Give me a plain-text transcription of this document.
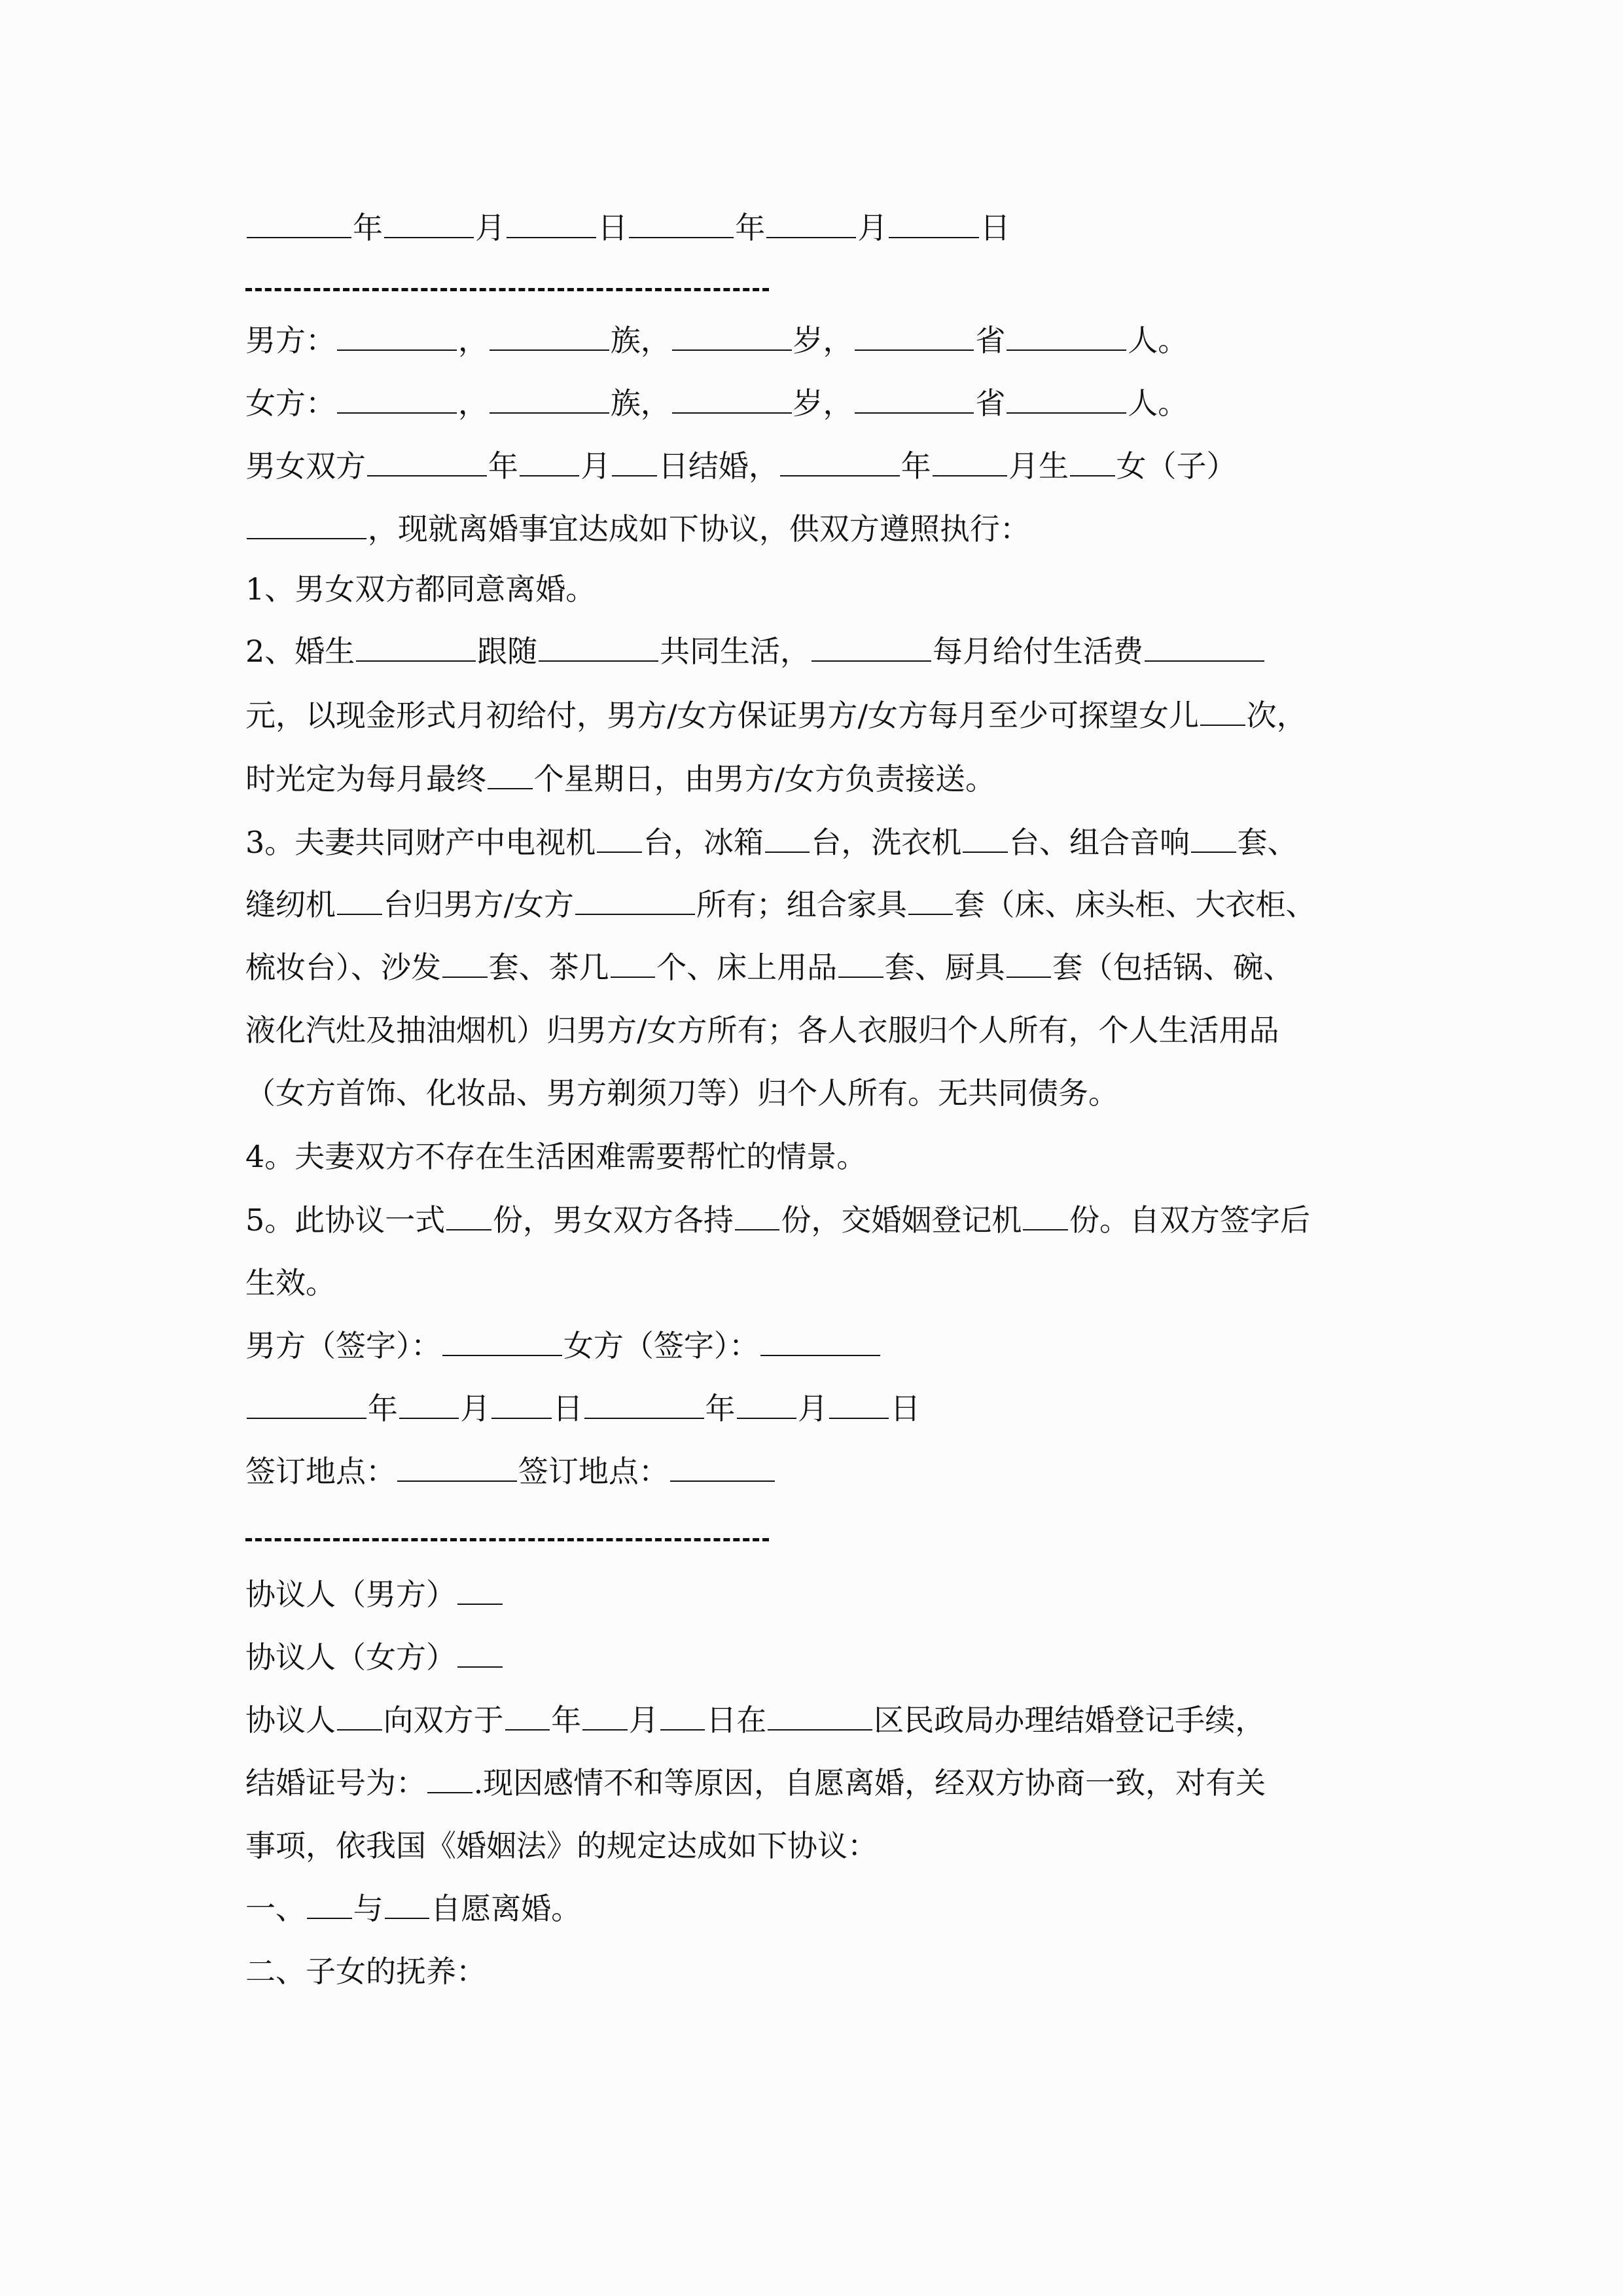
年	月	日	年	月	日
男方：	，	族，	岁，	省	人。
女方：	，	族，	岁，	省	人。
男女双方	年 月 日结婚，	年	月生 女（子）
，现就离婚事宜达成如下协议，供双方遵照执行：
1、男女双方都同意离婚。
2、婚生	跟随	共同生活，	每月给付生活费
元，以现金形式月初给付，男方/女方保证男方/女方每月至少可探望女儿 次，
时光定为每月最终 个星期日，由男方/女方负责接送。
3。夫妻共同财产中电视机 台，冰箱 台，洗衣机 台、组合音响 套、
缝纫机 台归男方/女方	所有；组合家具 套（床、床头柜、大衣柜、
梳妆台）、沙发 套、茶几 个、床上用品 套、厨具 套（包括锅、碗、
液化汽灶及抽油烟机）归男方/女方所有；各人衣服归个人所有，个人生活用品
（女方首饰、化妆品、男方剃须刀等）归个人所有。无共同债务。
4。夫妻双方不存在生活困难需要帮忙的情景。
5。此协议一式 份，男女双方各持 份，交婚姻登记机 份。自双方签字后
生效。
男方（签字）：	女方（签字）：
年 月 日	年 月 日
签订地点：	签订地点：
协议人（男方）
协议人（女方）
协议人 向双方于 年 月 日在	区民政局办理结婚登记手续，
结婚证号为： .现因感情不和等原因，自愿离婚，经双方协商一致，对有关
事项，依我国《婚姻法》的规定达成如下协议：
一、 与 自愿离婚。
二、子女的抚养：
